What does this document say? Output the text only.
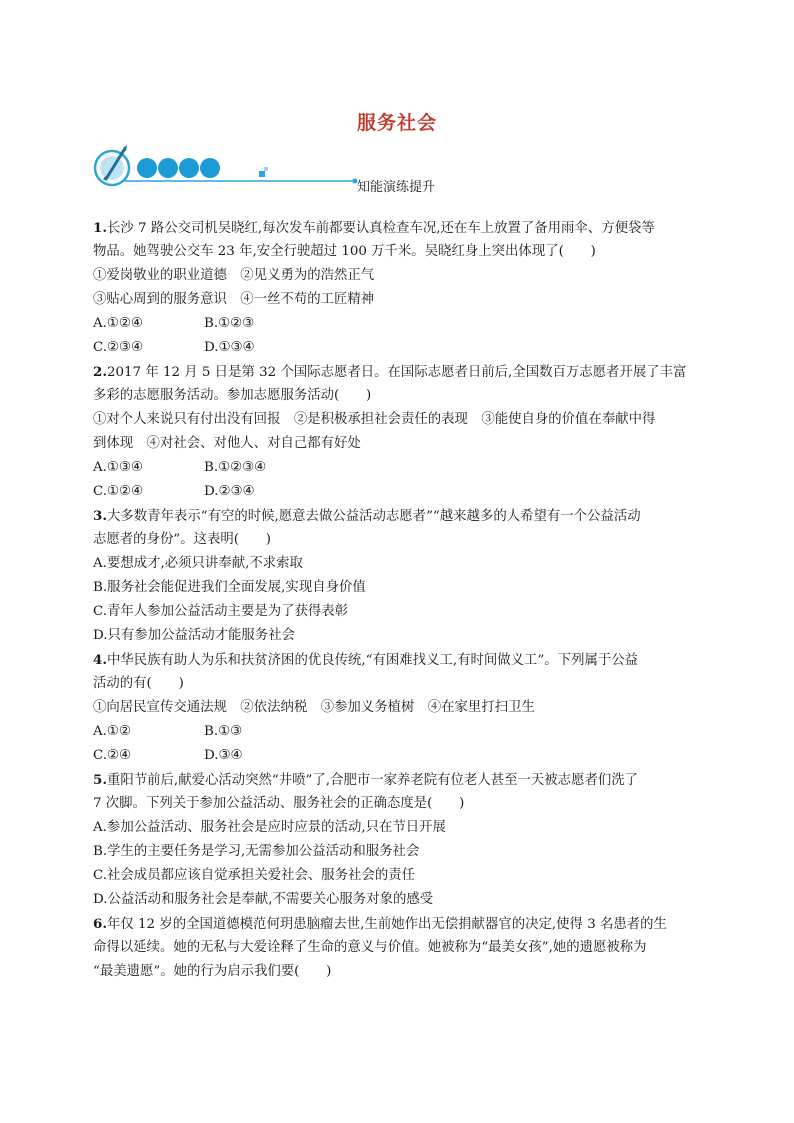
服务社会
知能演练提升
1.长沙 7 路公交司机吴晓红,每次发车前都要认真检查车况,还在车上放置了备用雨伞、方便袋等
物品。她驾驶公交车 23 年,安全行驶超过 100 万千米。吴晓红身上突出体现了(　　)
①爱岗敬业的职业道德　②见义勇为的浩然正气
③贴心周到的服务意识　④一丝不苟的工匠精神
A.①②④	B.①②③
C.②③④	D.①③④
2.2017 年 12 月 5 日是第 32 个国际志愿者日。在国际志愿者日前后,全国数百万志愿者开展了丰富
多彩的志愿服务活动。参加志愿服务活动(　　)
①对个人来说只有付出没有回报　②是积极承担社会责任的表现　③能使自身的价值在奉献中得
到体现　④对社会、对他人、对自己都有好处
A.①③④	B.①②③④
C.①②④	D.②③④
3.大多数青年表示“有空的时候,愿意去做公益活动志愿者”“越来越多的人希望有一个公益活动
志愿者的身份”。这表明(　　)
A.要想成才,必须只讲奉献,不求索取
B.服务社会能促进我们全面发展,实现自身价值
C.青年人参加公益活动主要是为了获得表彰
D.只有参加公益活动才能服务社会
4.中华民族有助人为乐和扶贫济困的优良传统,“有困难找义工,有时间做义工”。下列属于公益
活动的有(　　)
①向居民宣传交通法规　②依法纳税　③参加义务植树　④在家里打扫卫生
A.①②	B.①③
C.②④	D.③④
5.重阳节前后,献爱心活动突然“井喷”了,合肥市一家养老院有位老人甚至一天被志愿者们洗了
7 次脚。下列关于参加公益活动、服务社会的正确态度是(　　)
A.参加公益活动、服务社会是应时应景的活动,只在节日开展
B.学生的主要任务是学习,无需参加公益活动和服务社会
C.社会成员都应该自觉承担关爱社会、服务社会的责任
D.公益活动和服务社会是奉献,不需要关心服务对象的感受
6.年仅 12 岁的全国道德模范何玥患脑瘤去世,生前她作出无偿捐献器官的决定,使得 3 名患者的生
命得以延续。她的无私与大爱诠释了生命的意义与价值。她被称为“最美女孩”,她的遗愿被称为
“最美遗愿”。她的行为启示我们要(　　)
